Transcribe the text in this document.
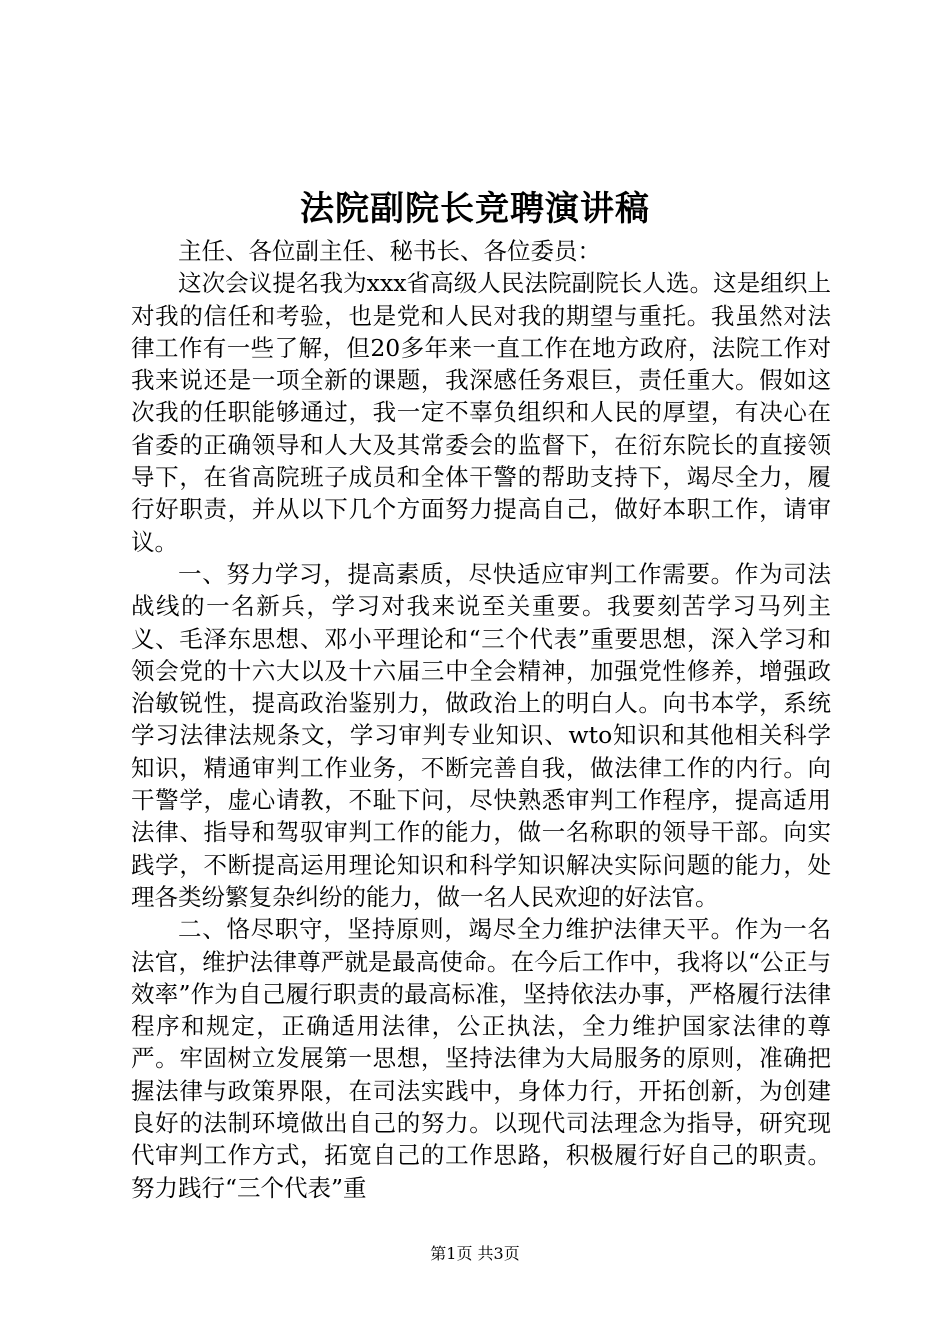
法院副院长竞聘演讲稿

主任、各位副主任、秘书长、各位委员：

这次会议提名我为xxx省高级人民法院副院长人选。这是组织上对我的信任和考验，也是党和人民对我的期望与重托。我虽然对法律工作有一些了解，但20多年来一直工作在地方政府，法院工作对我来说还是一项全新的课题，我深感任务艰巨，责任重大。假如这次我的任职能够通过，我一定不辜负组织和人民的厚望，有决心在省委的正确领导和人大及其常委会的监督下，在衍东院长的直接领导下，在省高院班子成员和全体干警的帮助支持下，竭尽全力，履行好职责，并从以下几个方面努力提高自己，做好本职工作，请审议。

一、努力学习，提高素质，尽快适应审判工作需要。作为司法战线的一名新兵，学习对我来说至关重要。我要刻苦学习马列主义、毛泽东思想、邓小平理论和“三个代表”重要思想，深入学习和领会党的十六大以及十六届三中全会精神，加强党性修养，增强政治敏锐性，提高政治鉴别力，做政治上的明白人。向书本学，系统学习法律法规条文，学习审判专业知识、wto知识和其他相关科学知识，精通审判工作业务，不断完善自我，做法律工作的内行。向干警学，虚心请教，不耻下问，尽快熟悉审判工作程序，提高适用法律、指导和驾驭审判工作的能力，做一名称职的领导干部。向实践学，不断提高运用理论知识和科学知识解决实际问题的能力，处理各类纷繁复杂纠纷的能力，做一名人民欢迎的好法官。

二、恪尽职守，坚持原则，竭尽全力维护法律天平。作为一名法官，维护法律尊严就是最高使命。在今后工作中，我将以“公正与效率”作为自己履行职责的最高标准，坚持依法办事，严格履行法律程序和规定，正确适用法律，公正执法，全力维护国家法律的尊严。牢固树立发展第一思想，坚持法律为大局服务的原则，准确把握法律与政策界限，在司法实践中，身体力行，开拓创新，为创建良好的法制环境做出自己的努力。以现代司法理念为指导，研究现代审判工作方式，拓宽自己的工作思路，积极履行好自己的职责。努力践行“三个代表”重

第1页 共3页
